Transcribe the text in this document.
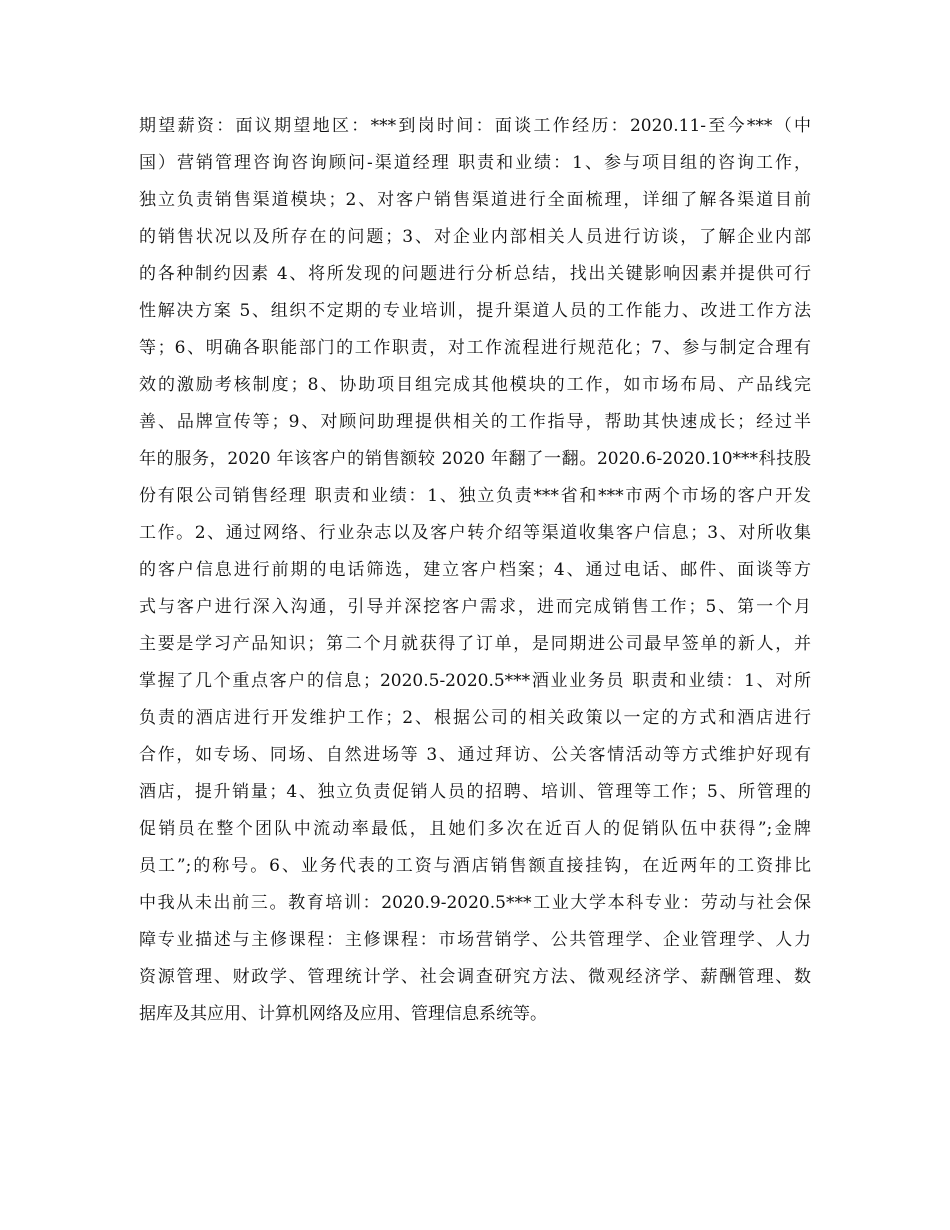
期望薪资：面议期望地区：***到岗时间：面谈工作经历：2020.11-至今***（中
国）营销管理咨询咨询顾问-渠道经理 职责和业绩：1、参与项目组的咨询工作，
独立负责销售渠道模块；2、对客户销售渠道进行全面梳理，详细了解各渠道目前
的销售状况以及所存在的问题；3、对企业内部相关人员进行访谈，了解企业内部
的各种制约因素 4、将所发现的问题进行分析总结，找出关键影响因素并提供可行
性解决方案 5、组织不定期的专业培训，提升渠道人员的工作能力、改进工作方法
等；6、明确各职能部门的工作职责，对工作流程进行规范化；7、参与制定合理有
效的激励考核制度；8、协助项目组完成其他模块的工作，如市场布局、产品线完
善、品牌宣传等；9、对顾问助理提供相关的工作指导，帮助其快速成长；经过半
年的服务，2020 年该客户的销售额较 2020 年翻了一翻。2020.6-2020.10***科技股
份有限公司销售经理 职责和业绩：1、独立负责***省和***市两个市场的客户开发
工作。2、通过网络、行业杂志以及客户转介绍等渠道收集客户信息；3、对所收集
的客户信息进行前期的电话筛选，建立客户档案；4、通过电话、邮件、面谈等方
式与客户进行深入沟通，引导并深挖客户需求，进而完成销售工作；5、第一个月
主要是学习产品知识；第二个月就获得了订单，是同期进公司最早签单的新人，并
掌握了几个重点客户的信息；2020.5-2020.5***酒业业务员 职责和业绩：1、对所
负责的酒店进行开发维护工作；2、根据公司的相关政策以一定的方式和酒店进行
合作，如专场、同场、自然进场等 3、通过拜访、公关客情活动等方式维护好现有
酒店，提升销量；4、独立负责促销人员的招聘、培训、管理等工作；5、所管理的
促销员在整个团队中流动率最低，且她们多次在近百人的促销队伍中获得”;金牌
员工”;的称号。6、业务代表的工资与酒店销售额直接挂钩，在近两年的工资排比
中我从未出前三。教育培训：2020.9-2020.5***工业大学本科专业：劳动与社会保
障专业描述与主修课程：主修课程：市场营销学、公共管理学、企业管理学、人力
资源管理、财政学、管理统计学、社会调查研究方法、微观经济学、薪酬管理、数
据库及其应用、计算机网络及应用、管理信息系统等。
